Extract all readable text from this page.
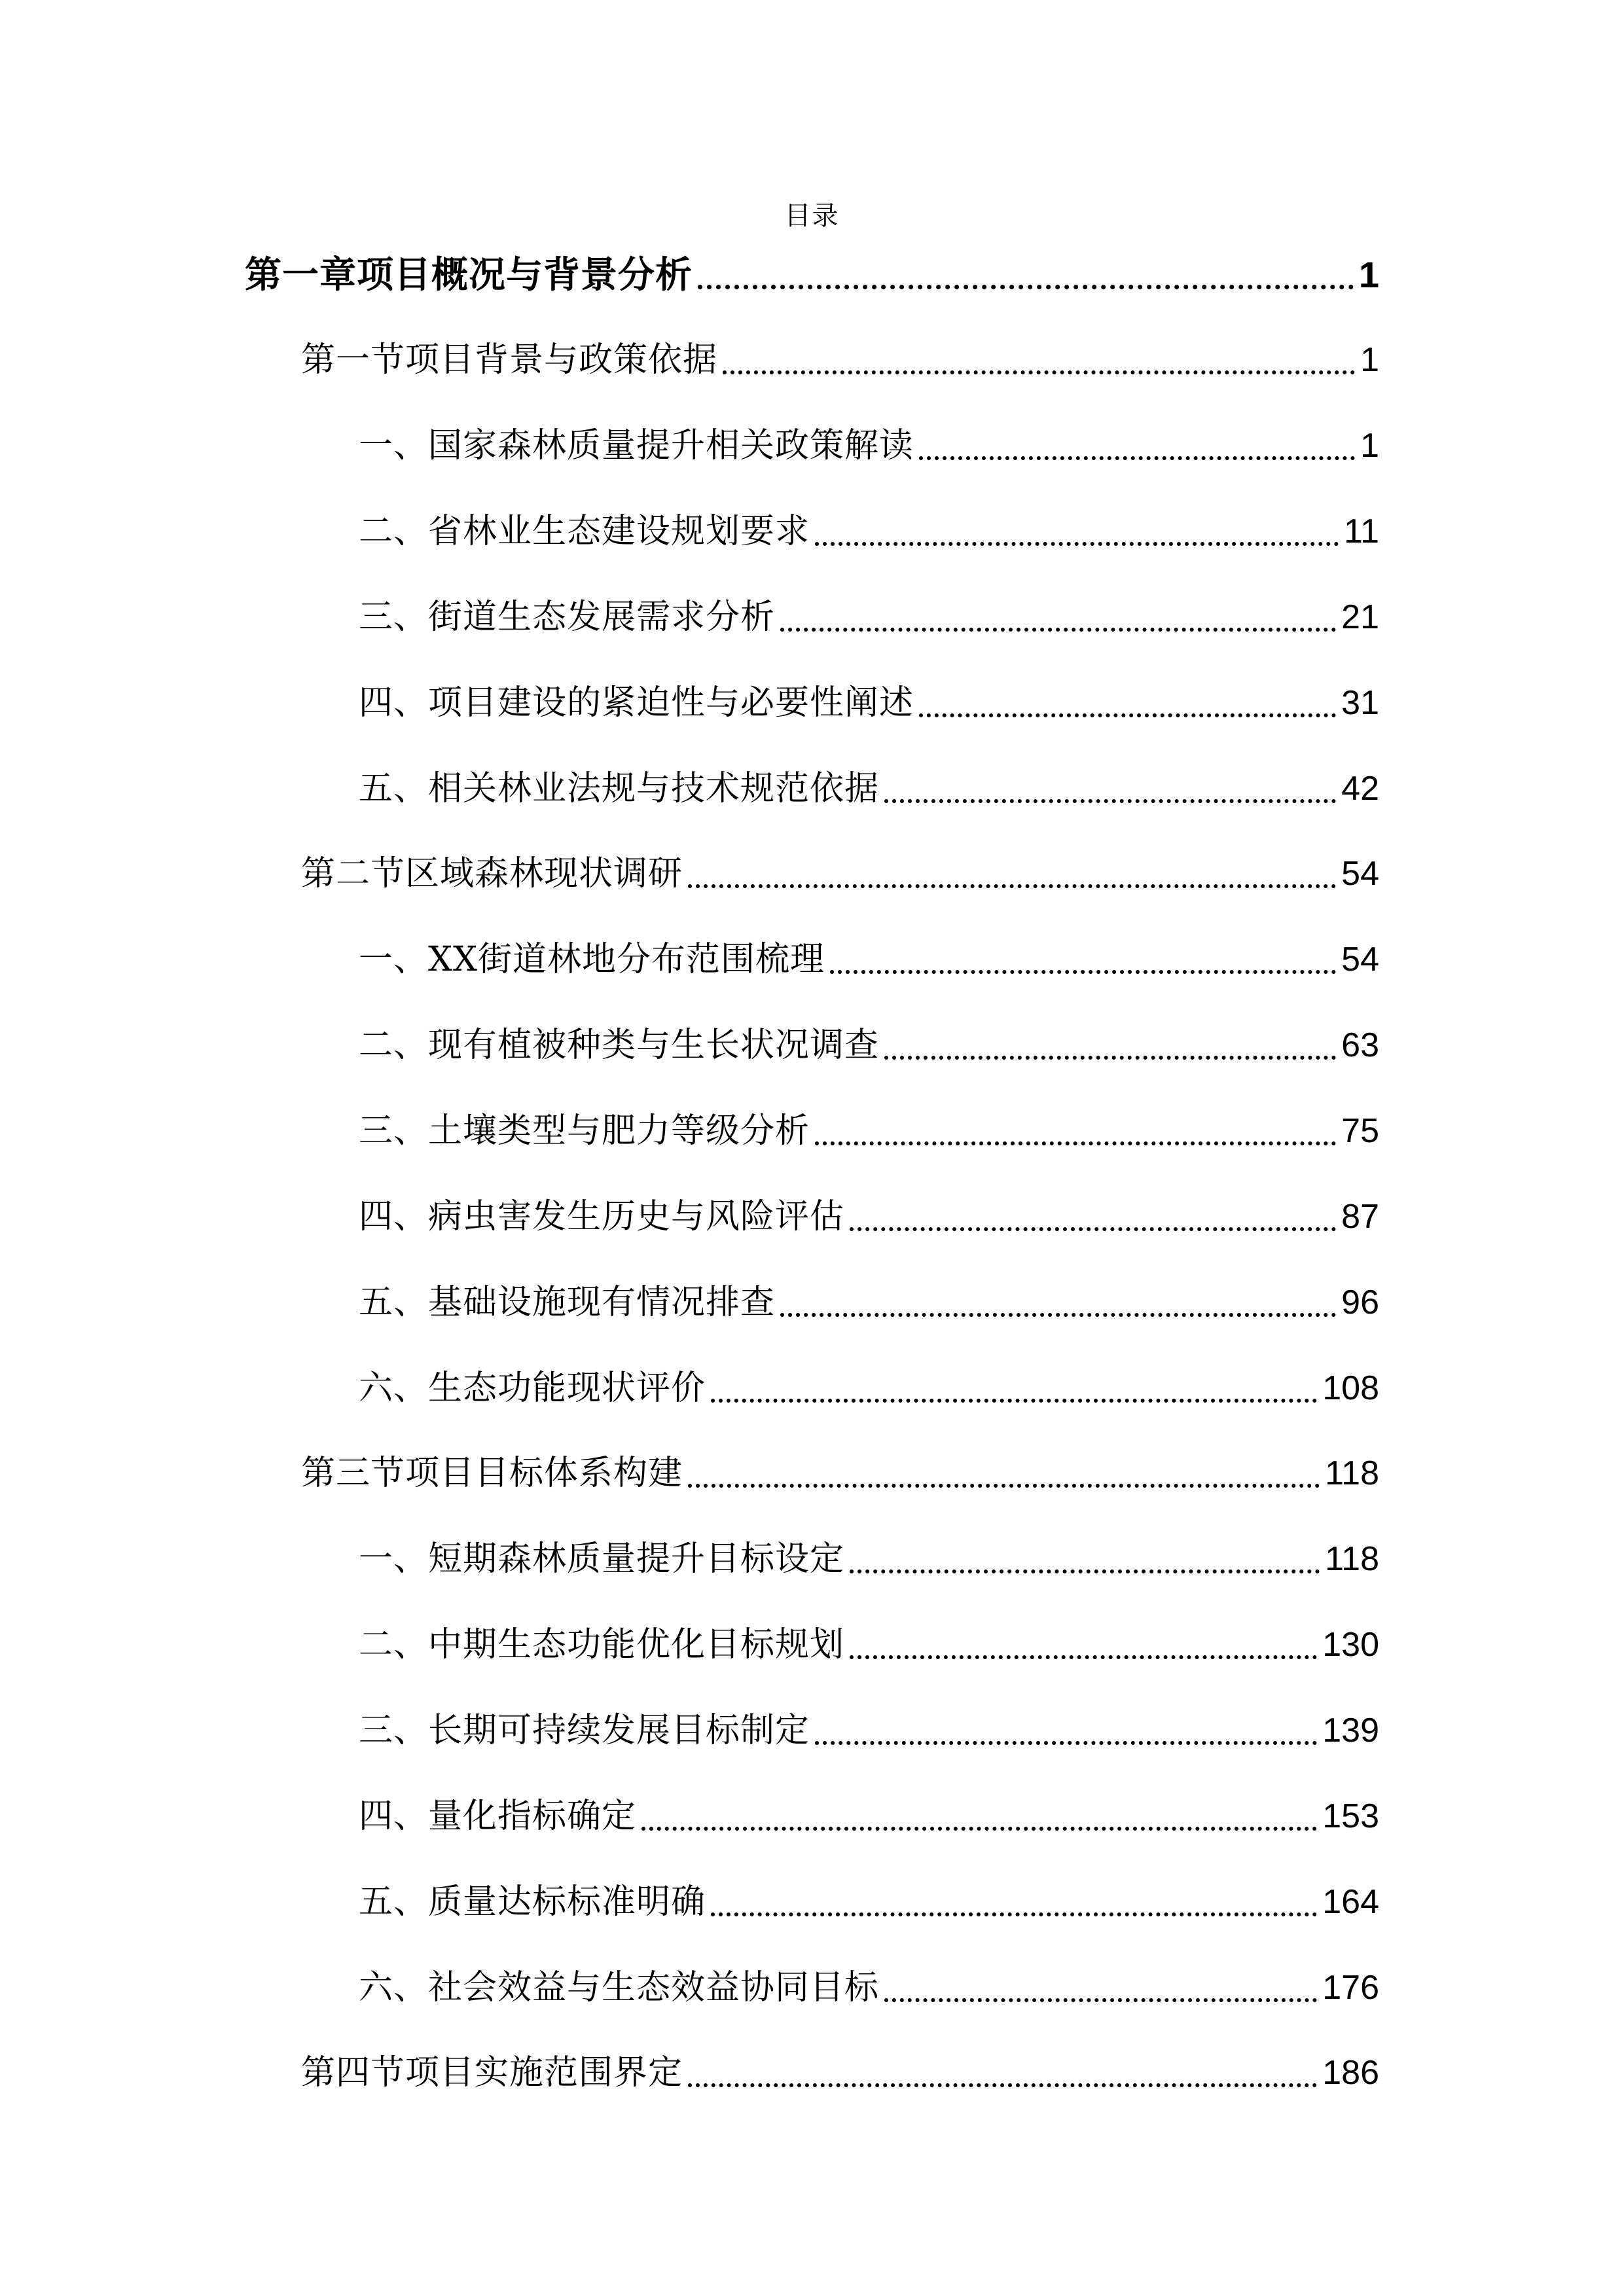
目录
第一章项目概况与背景分析	1
第一节项目背景与政策依据	1
一、国家森林质量提升相关政策解读	1
二、省林业生态建设规划要求	11
三、街道生态发展需求分析	21
四、项目建设的紧迫性与必要性阐述	31
五、相关林业法规与技术规范依据	42
第二节区域森林现状调研	54
一、XX街道林地分布范围梳理	54
二、现有植被种类与生长状况调查	63
三、土壤类型与肥力等级分析	75
四、病虫害发生历史与风险评估	87
五、基础设施现有情况排查	96
六、生态功能现状评价	108
第三节项目目标体系构建	118
一、短期森林质量提升目标设定	118
二、中期生态功能优化目标规划	130
三、长期可持续发展目标制定	139
四、量化指标确定	153
五、质量达标标准明确	164
六、社会效益与生态效益协同目标	176
第四节项目实施范围界定	186
